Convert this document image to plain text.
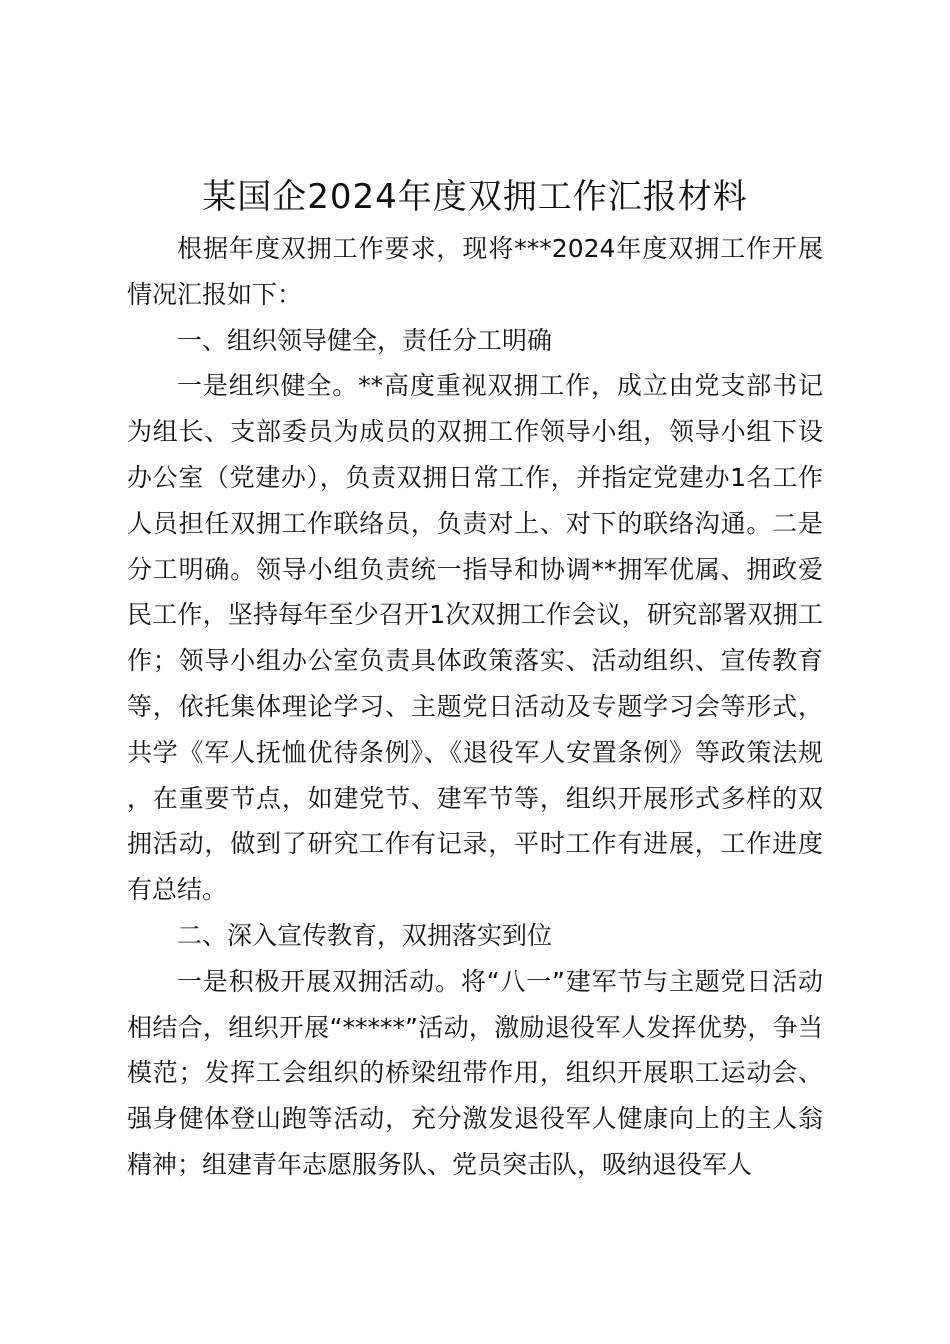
某国企2024年度双拥工作汇报材料

根据年度双拥工作要求，现将***2024年度双拥工作开展情况汇报如下：

一、组织领导健全，责任分工明确

一是组织健全。**高度重视双拥工作，成立由党支部书记为组长、支部委员为成员的双拥工作领导小组，领导小组下设办公室（党建办），负责双拥日常工作，并指定党建办1名工作人员担任双拥工作联络员，负责对上、对下的联络沟通。二是分工明确。领导小组负责统一指导和协调**拥军优属、拥政爱民工作，坚持每年至少召开1次双拥工作会议，研究部署双拥工作；领导小组办公室负责具体政策落实、活动组织、宣传教育等，依托集体理论学习、主题党日活动及专题学习会等形式，共学《军人抚恤优待条例》、《退役军人安置条例》等政策法规，在重要节点，如建党节、建军节等，组织开展形式多样的双拥活动，做到了研究工作有记录，平时工作有进展，工作进度有总结。

二、深入宣传教育，双拥落实到位

一是积极开展双拥活动。将“八一”建军节与主题党日活动相结合，组织开展“*****”活动，激励退役军人发挥优势，争当模范；发挥工会组织的桥梁纽带作用，组织开展职工运动会、强身健体登山跑等活动，充分激发退役军人健康向上的主人翁精神；组建青年志愿服务队、党员突击队，吸纳退役军人
